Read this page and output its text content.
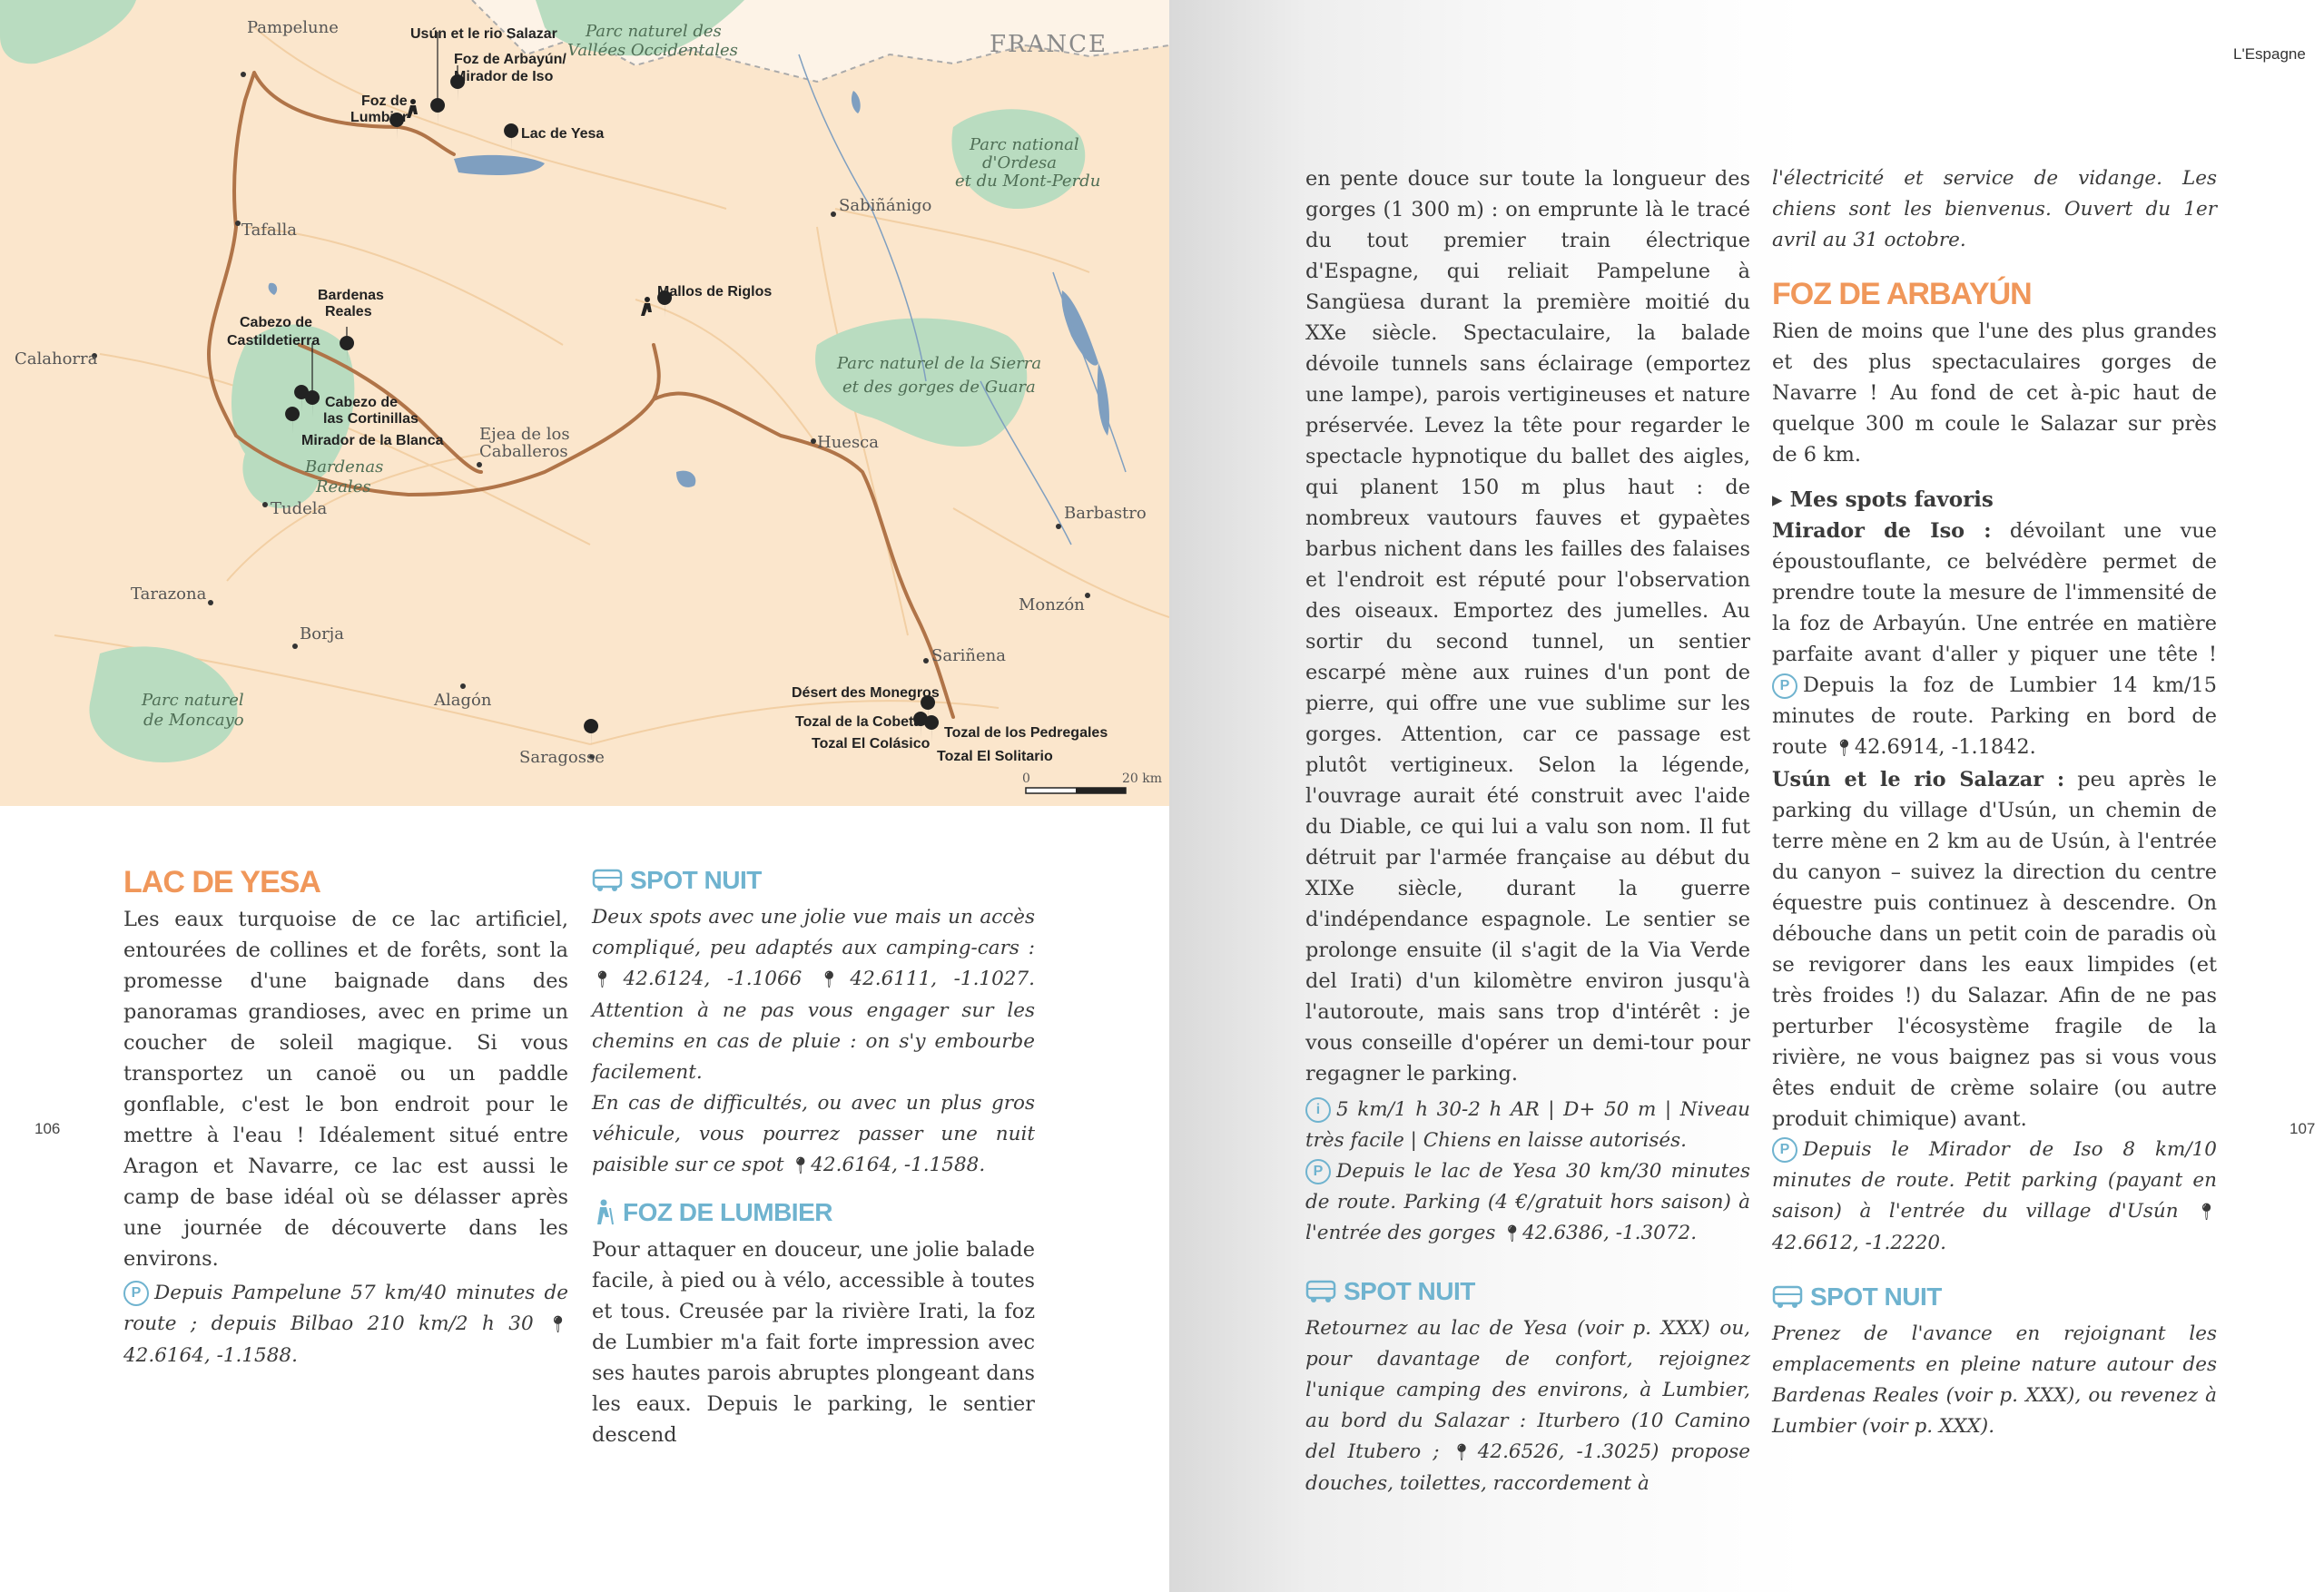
Pampelune
Tafalla
Calahorra
Tudela
Tarazona
Borja
Alagón
Saragosse
Ejea de los
Caballeros	Huesca
Sabiñánigo
Barbastro
Monzón
Sariñena
FRANCE
Parc naturel des
Vallées Occidentales
Parc national
d'Ordesa
et du Mont-Perdu
Parc naturel de la Sierra
et des gorges de Guara
Bardenas
Reales
Parc naturel
de Moncayo
Usún et le rio Salazar
Foz de Arbayún/
Mirador de Iso
Foz de
Lumbier
Lac de Yesa
Mallos de Riglos
Bardenas
Reales
Cabezo de
Castildetierra
Cabezo de
las Cortinillas
Mirador de la Blanca
Désert des Monegros
Tozal de la Cobeta
Tozal El Colásico
Tozal de los Pedregales
Tozal El Solitario
0	20 km
106
LAC DE YESA

Les eaux turquoise de ce lac artificiel, entourées de collines et de forêts, sont la promesse d'une baignade dans des panoramas grandioses, avec en prime un coucher de soleil magique. Si vous transportez un canoë ou un paddle gonflable, c'est le bon endroit pour le mettre à l'eau ! Idéalement situé entre Aragon et Navarre, ce lac est aussi le camp de base idéal où se délasser après une journée de découverte dans les environs.

P Depuis Pampelune 57 km/40 minutes de route ; depuis Bilbao 210 km/2 h 30 📍︎42.6164, -1.1588.

SPOT NUIT

Deux spots avec une jolie vue mais un accès compliqué, peu adaptés aux camping-cars : 📍︎42.6124, -1.1066 📍︎42.6111, -1.1027. Attention à ne pas vous engager sur les chemins en cas de pluie : on s'y embourbe facilement.

En cas de difficultés, ou avec un plus gros véhicule, vous pourrez passer une nuit paisible sur ce spot 📍︎42.6164, -1.1588.

FOZ DE LUMBIER

Pour attaquer en douceur, une jolie balade facile, à pied ou à vélo, accessible à toutes et tous. Creusée par la rivière Irati, la foz de Lumbier m'a fait forte impression avec ses hautes parois abruptes plongeant dans les eaux. Depuis le parking, le sentier descend

L'Espagne
107

en pente douce sur toute la longueur des gorges (1 300 m) : on emprunte là le tracé du tout premier train électrique d'Espagne, qui reliait Pampelune à Sangüesa durant la première moitié du XXe siècle. Spectaculaire, la balade dévoile tunnels sans éclairage (emportez une lampe), parois vertigineuses et nature préservée. Levez la tête pour regarder le spectacle hypnotique du ballet des aigles, qui planent 150 m plus haut : de nombreux vautours fauves et gypaètes barbus nichent dans les failles des falaises et l'endroit est réputé pour l'observation des oiseaux. Emportez des jumelles. Au sortir du second tunnel, un sentier escarpé mène aux ruines d'un pont de pierre, qui offre une vue sublime sur les gorges. Attention, car ce passage est plutôt vertigineux. Selon la légende, l'ouvrage aurait été construit avec l'aide du Diable, ce qui lui a valu son nom. Il fut détruit par l'armée française au début du XIXe siècle, durant la guerre d'indépendance espagnole. Le sentier se prolonge ensuite (il s'agit de la Via Verde del Irati) d'un kilomètre environ jusqu'à l'autoroute, mais sans trop d'intérêt : je vous conseille d'opérer un demi-tour pour regagner le parking.

i 5 km/1 h 30-2 h AR | D+ 50 m | Niveau très facile | Chiens en laisse autorisés.

P Depuis le lac de Yesa 30 km/30 minutes de route. Parking (4 €/gratuit hors saison) à l'entrée des gorges 📍︎42.6386, -1.3072.

SPOT NUIT

Retournez au lac de Yesa (voir p. XXX) ou, pour davantage de confort, rejoignez l'unique camping des environs, à Lumbier, au bord du Salazar : Iturbero (10 Camino del Itubero ; 📍︎42.6526, -1.3025) propose douches, toilettes, raccordement à

l'électricité et service de vidange. Les chiens sont les bienvenus. Ouvert du 1er avril au 31 octobre.

FOZ DE ARBAYÚN

Rien de moins que l'une des plus grandes et des plus spectaculaires gorges de Navarre ! Au fond de cet à-pic haut de quelque 300 m coule le Salazar sur près de 6 km.

▸ Mes spots favoris

Mirador de Iso : dévoilant une vue époustouflante, ce belvédère permet de prendre toute la mesure de l'immensité de la foz de Arbayún. Une entrée en matière parfaite avant d'aller y piquer une tête ! P Depuis la foz de Lumbier 14 km/15 minutes de route. Parking en bord de route 📍︎42.6914, -1.1842.

Usún et le rio Salazar : peu après le parking du village d'Usún, un chemin de terre mène en 2 km au de Usún, à l'entrée du canyon – suivez la direction du centre équestre puis continuez à descendre. On débouche dans un petit coin de paradis où se revigorer dans les eaux limpides (et très froides !) du Salazar. Afin de ne pas perturber l'écosystème fragile de la rivière, ne vous baignez pas si vous vous êtes enduit de crème solaire (ou autre produit chimique) avant.

P Depuis le Mirador de Iso 8 km/10 minutes de route. Petit parking (payant en saison) à l'entrée du village d'Usún 📍︎42.6612, -1.2220.

SPOT NUIT

Prenez de l'avance en rejoignant les emplacements en pleine nature autour des Bardenas Reales (voir p. XXX), ou revenez à Lumbier (voir p. XXX).
